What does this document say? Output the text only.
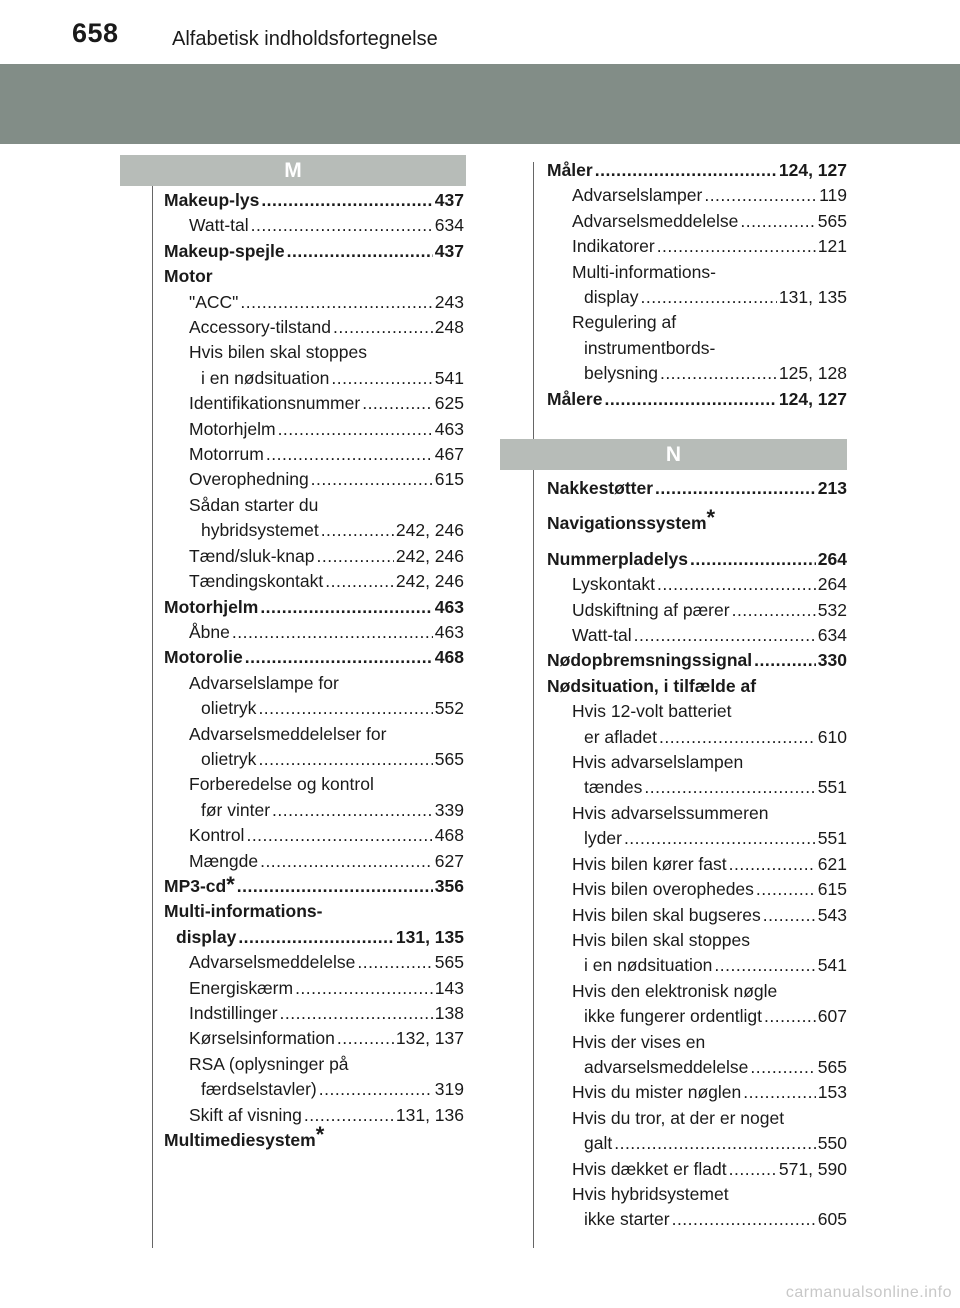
658	Alfabetisk indholdsfortegnelse
M
Makeup-lys .....	437
Watt-tal .....	634
Makeup-spejle .....	437
Motor
"ACC" .....	243
Accessory-tilstand .....	248
Hvis bilen skal stoppes
i en nødsituation .....	541
Identifikationsnummer .....	625
Motorhjelm .....	463
Motorrum .....	467
Overophedning .....	615
Sådan starter du
hybridsystemet .....	242, 246
Tænd/sluk-knap .....	242, 246
Tændingskontakt .....	242, 246
Motorhjelm .....	463
Åbne .....	463
Motorolie .....	468
Advarselslampe for
olietryk .....	552
Advarselsmeddelelser for
olietryk .....	565
Forberedelse og kontrol
før vinter .....	339
Kontrol .....	468
Mængde .....	627
MP3-cd * .....	356
Multi-informations-
display .....	131, 135
Advarselsmeddelelse .....	565
Energiskærm .....	143
Indstillinger .....	138
Kørselsinformation .....	132, 137
RSA (oplysninger på
færdselstavler) .....	319
Skift af visning .....	131, 136
Multimediesystem*
Måler .....	124, 127
Advarselslamper .....	119
Advarselsmeddelelse .....	565
Indikatorer .....	121
Multi-informations-
display .....	131, 135
Regulering af
instrumentbords-
belysning .....	125, 128
Målere .....	124, 127
N
Nakkestøtter .....	213
Navigationssystem*
Nummerpladelys .....	264
Lyskontakt .....	264
Udskiftning af pærer .....	532
Watt-tal .....	634
Nødopbremsningssignal .....	330
Nødsituation, i tilfælde af
Hvis 12-volt batteriet
er afladet .....	610
Hvis advarselslampen
tændes .....	551
Hvis advarselssummeren
lyder .....	551
Hvis bilen kører fast .....	621
Hvis bilen overophedes .....	615
Hvis bilen skal bugseres .....	543
Hvis bilen skal stoppes
i en nødsituation .....	541
Hvis den elektronisk nøgle
ikke fungerer ordentligt .....	607
Hvis der vises en
advarselsmeddelelse .....	565
Hvis du mister nøglen .....	153
Hvis du tror, at der er noget
galt .....	550
Hvis dækket er fladt .....	571, 590
Hvis hybridsystemet
ikke starter .....	605
carmanualsonline.info
